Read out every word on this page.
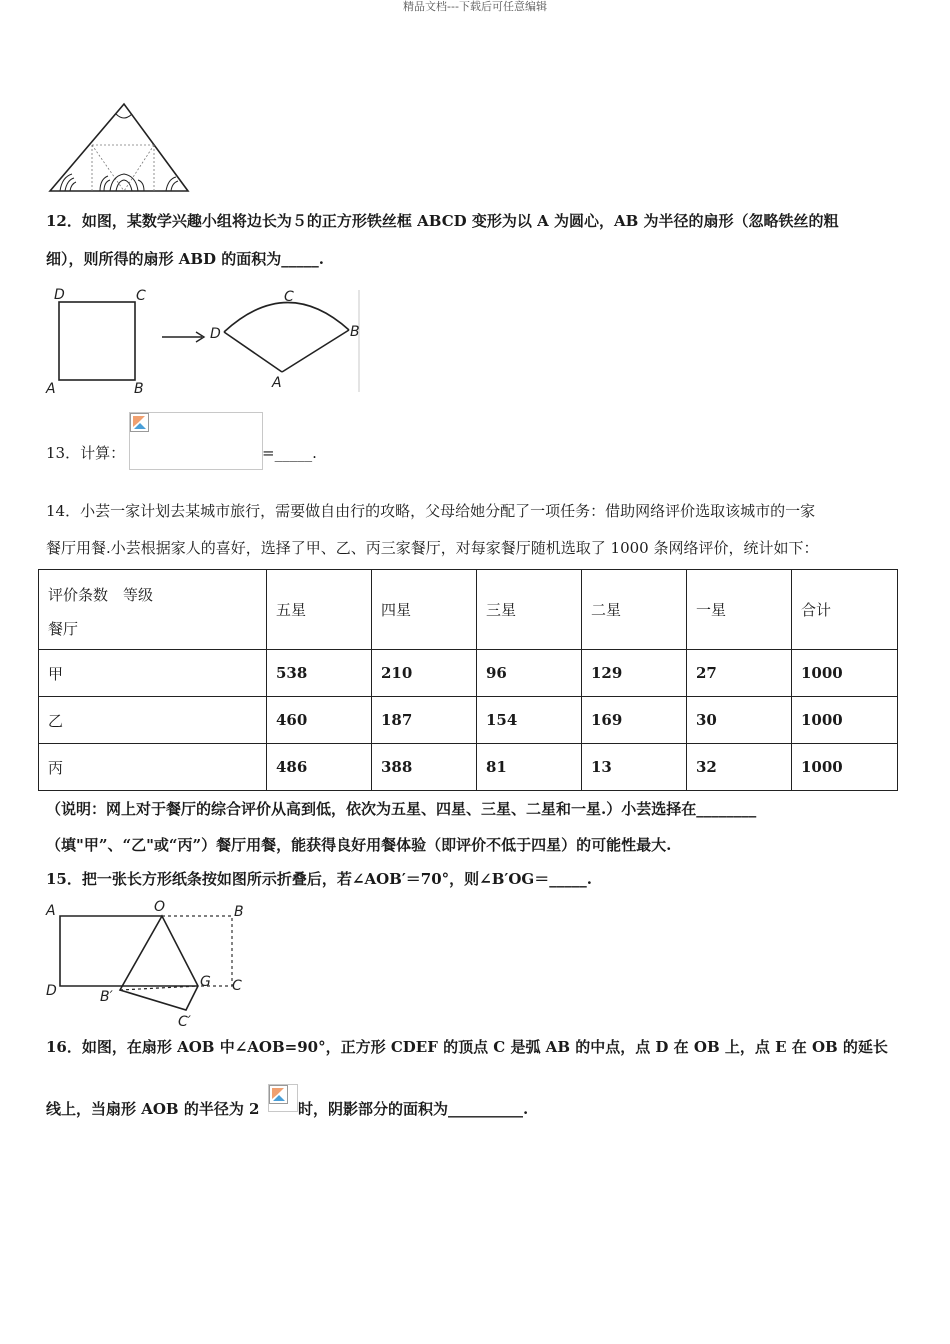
精品文档---下载后可任意编辑
12．如图，某数学兴趣小组将边长为５的正方形铁丝框 ABCD 变形为以 A 为圆心，AB 为半径的扇形（忽略铁丝的粗
细），则所得的扇形 ABD 的面积为_____.
D	C
A	B
C
D	B
A
13．计算：	=_____.
14．小芸一家计划去某城市旅行，需要做自由行的攻略，父母给她分配了一项任务：借助网络评价选取该城市的一家
餐厅用餐.小芸根据家人的喜好，选择了甲、乙、丙三家餐厅，对每家餐厅随机选取了 1000 条网络评价，统计如下：
评价条数　等级
餐厅	五星	四星	三星	二星	一星	合计
甲	538	210	96	129	27	1000
乙	460	187	154	169	30	1000
丙	486	388	81	13	32	1000
（说明：网上对于餐厅的综合评价从高到低，依次为五星、四星、三星、二星和一星.）小芸选择在________
（填"甲”、“乙"或“丙”）餐厅用餐，能获得良好用餐体验（即评价不低于四星）的可能性最大.
15．把一张长方形纸条按如图所示折叠后，若∠AOB′＝70°，则∠B′OG＝_____.
A	O	B
D	B′
G C
C′
16．如图，在扇形 AOB 中∠AOB=90°，正方形 CDEF 的顶点 C 是弧 AB 的中点，点 D 在 OB 上，点 E 在 OB 的延长
线上，当扇形 AOB 的半径为 2	时，阴影部分的面积为__________.
